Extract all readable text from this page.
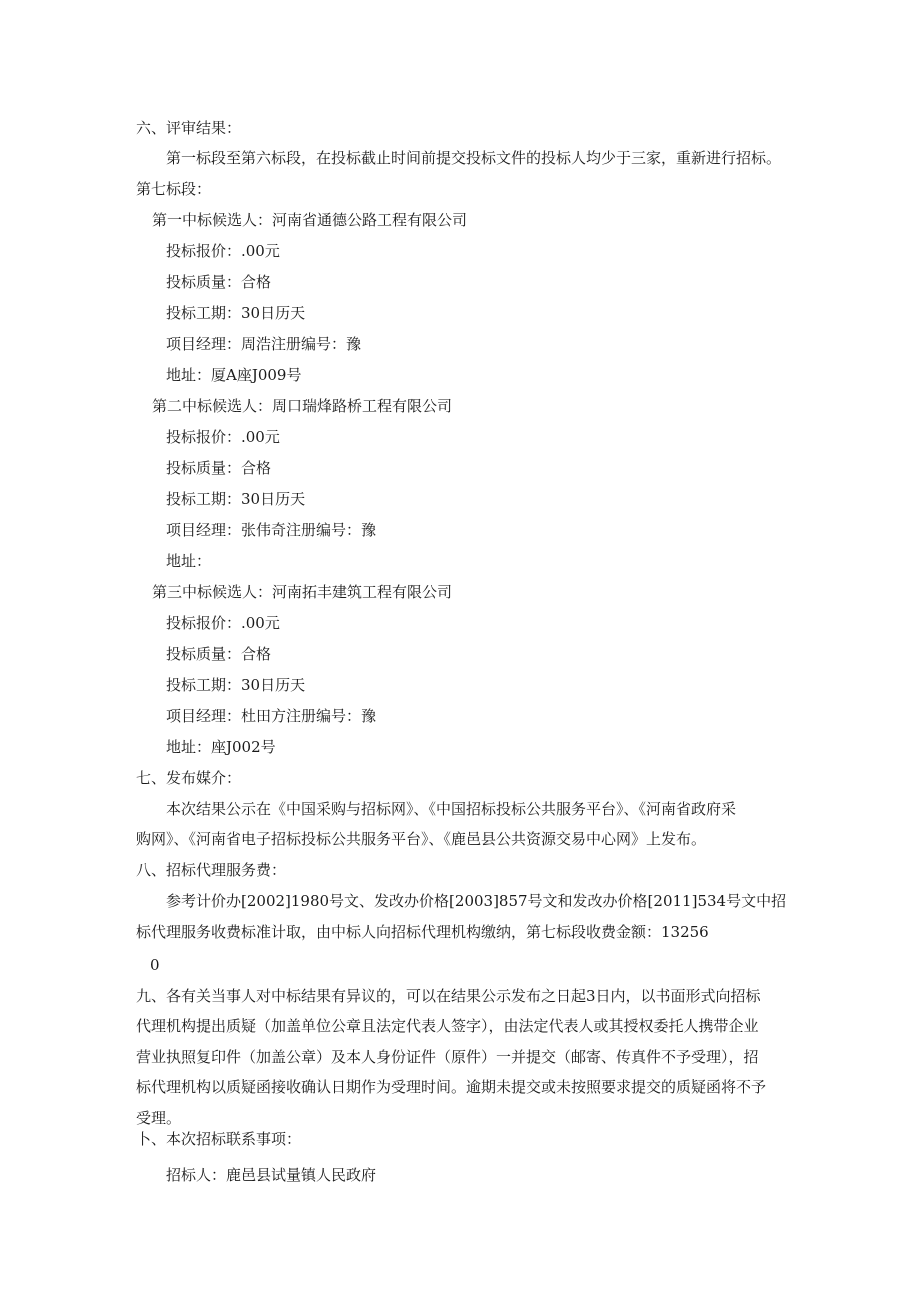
六、评审结果：
第一标段至第六标段，在投标截止时间前提交投标文件的投标人均少于三家，重新进行招标。
第七标段：
第一中标候选人：河南省通德公路工程有限公司
投标报价：.00元
投标质量：合格
投标工期：30日历天
项目经理：周浩注册编号：豫
地址：厦A座J009号
第二中标候选人：周口瑞烽路桥工程有限公司
投标报价：.00元
投标质量：合格
投标工期：30日历天
项目经理：张伟奇注册编号：豫
地址：
第三中标候选人：河南拓丰建筑工程有限公司
投标报价：.00元
投标质量：合格
投标工期：30日历天
项目经理：杜田方注册编号：豫
地址：座J002号
七、发布媒介：
本次结果公示在《中国采购与招标网》、《中国招标投标公共服务平台》、《河南省政府采
购网》、《河南省电子招标投标公共服务平台》、《鹿邑县公共资源交易中心网》上发布。
八、招标代理服务费：
参考计价办[2002]1980号文、发改办价格[2003]857号文和发改办价格[2011]534号文中招
标代理服务收费标准计取，由中标人向招标代理机构缴纳，第七标段收费金额：13256
0
九、各有关当事人对中标结果有异议的，可以在结果公示发布之日起3日内，以书面形式向招标
代理机构提出质疑（加盖单位公章且法定代表人签字），由法定代表人或其授权委托人携带企业
营业执照复印件（加盖公章）及本人身份证件（原件）一并提交（邮寄、传真件不予受理），招
标代理机构以质疑函接收确认日期作为受理时间。逾期未提交或未按照要求提交的质疑函将不予
受理。
卜、本次招标联系事项：
招标人：鹿邑县试量镇人民政府
